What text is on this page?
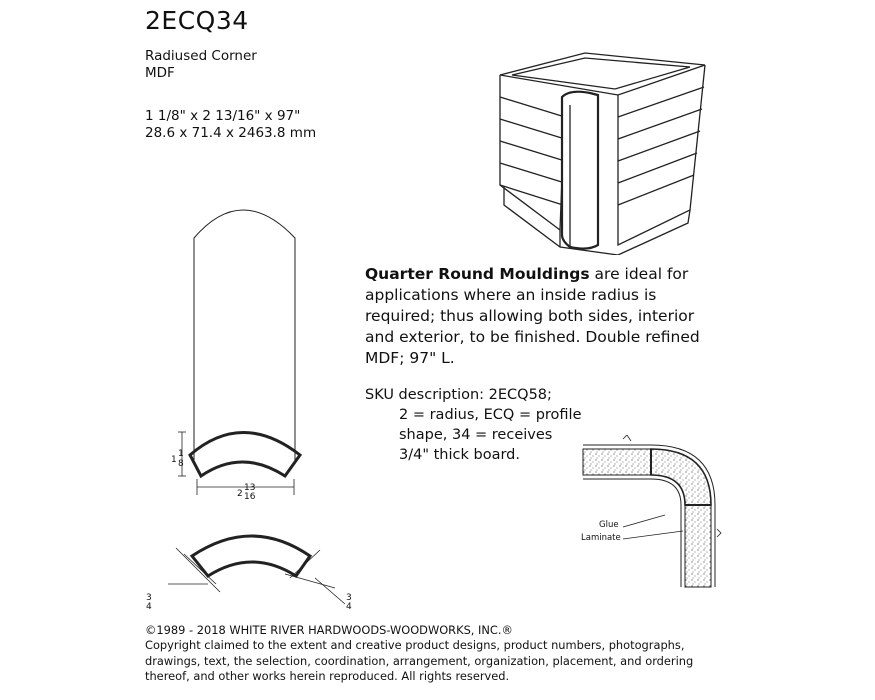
2ECQ34
Radiused Corner
MDF
1 1/8" x 2 13/16" x 97"
28.6 x 71.4 x 2463.8 mm
1
1
8
2
13
16
3
4
3
4
Quarter Round Mouldings are ideal for applications where an inside radius is required; thus allowing both sides, interior and exterior, to be finished. Double refined MDF; 97" L.
SKU description: 2ECQ58;
2 = radius, ECQ = profile
shape, 34 = receives
3/4" thick board.
Glue
Laminate
©1989 - 2018 WHITE RIVER HARDWOODS-WOODWORKS, INC.®
Copyright claimed to the extent and creative product designs, product numbers, photographs,
drawings, text, the selection, coordination, arrangement, organization, placement, and ordering
thereof, and other works herein reproduced. All rights reserved.
